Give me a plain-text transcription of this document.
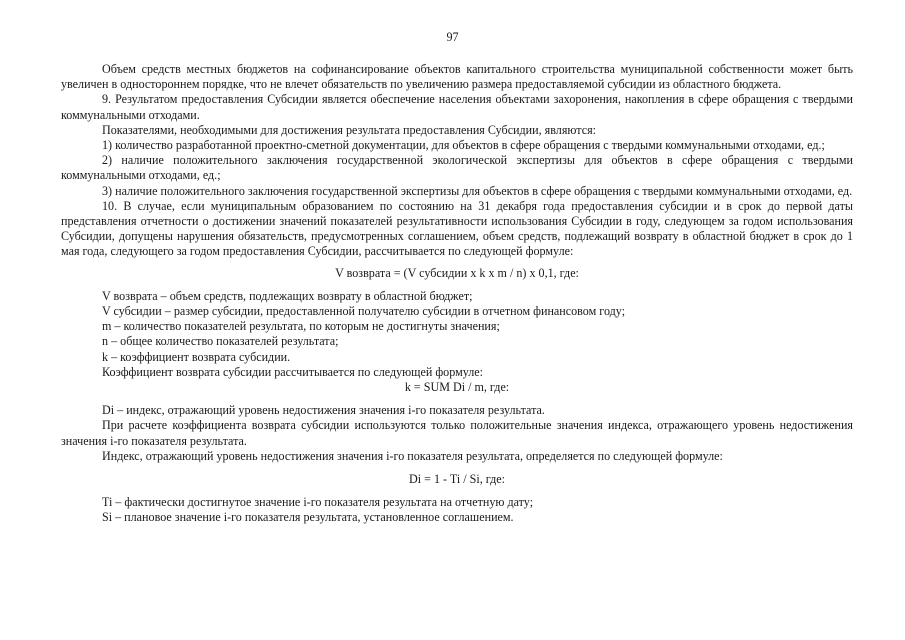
97

Объем средств местных бюджетов на софинансирование объектов капитального строительства муниципальной собственности может быть увеличен в одностороннем порядке, что не влечет обязательств по увеличению размера предоставляемой субсидии из областного бюджета.

9. Результатом предоставления Субсидии является обеспечение населения объектами захоронения, накопления в сфере обращения с твердыми коммунальными отходами.

Показателями, необходимыми для достижения результата предоставления Субсидии, являются:

1) количество разработанной проектно-сметной документации, для объектов в сфере обращения с твердыми коммунальными отходами, ед.;

2) наличие положительного заключения государственной экологической экспертизы для объектов в сфере обращения с твердыми коммунальными отходами, ед.;

3) наличие положительного заключения государственной экспертизы для объектов в сфере обращения с твердыми коммунальными отходами, ед.

10. В случае, если муниципальным образованием по состоянию на 31 декабря года предоставления субсидии и в срок до первой даты представления отчетности о достижении значений показателей результативности использования Субсидии в году, следующем за годом использования Субсидии, допущены нарушения обязательств, предусмотренных соглашением, объем средств, подлежащий возврату в областной бюджет в срок до 1 мая года, следующего за годом предоставления Субсидии, рассчитывается по следующей формуле:

V возврата = (V субсидии x k x m / n) x 0,1, где:

V возврата – объем средств, подлежащих возврату в областной бюджет;

V субсидии – размер субсидии, предоставленной получателю субсидии в отчетном финансовом году;

m – количество показателей результата, по которым не достигнуты значения;

n – общее количество показателей результата;

k – коэффициент возврата субсидии.

Коэффициент возврата субсидии рассчитывается по следующей формуле:

k = SUM Di / m, где:

Di – индекс, отражающий уровень недостижения значения i-го показателя результата.

При расчете коэффициента возврата субсидии используются только положительные значения индекса, отражающего уровень недостижения значения i-го показателя результата.

Индекс, отражающий уровень недостижения значения i-го показателя результата, определяется по следующей формуле:

Di = 1 - Ti / Si, где:

Ti – фактически достигнутое значение i-го показателя результата на отчетную дату;

Si – плановое значение i-го показателя результата, установленное соглашением.
